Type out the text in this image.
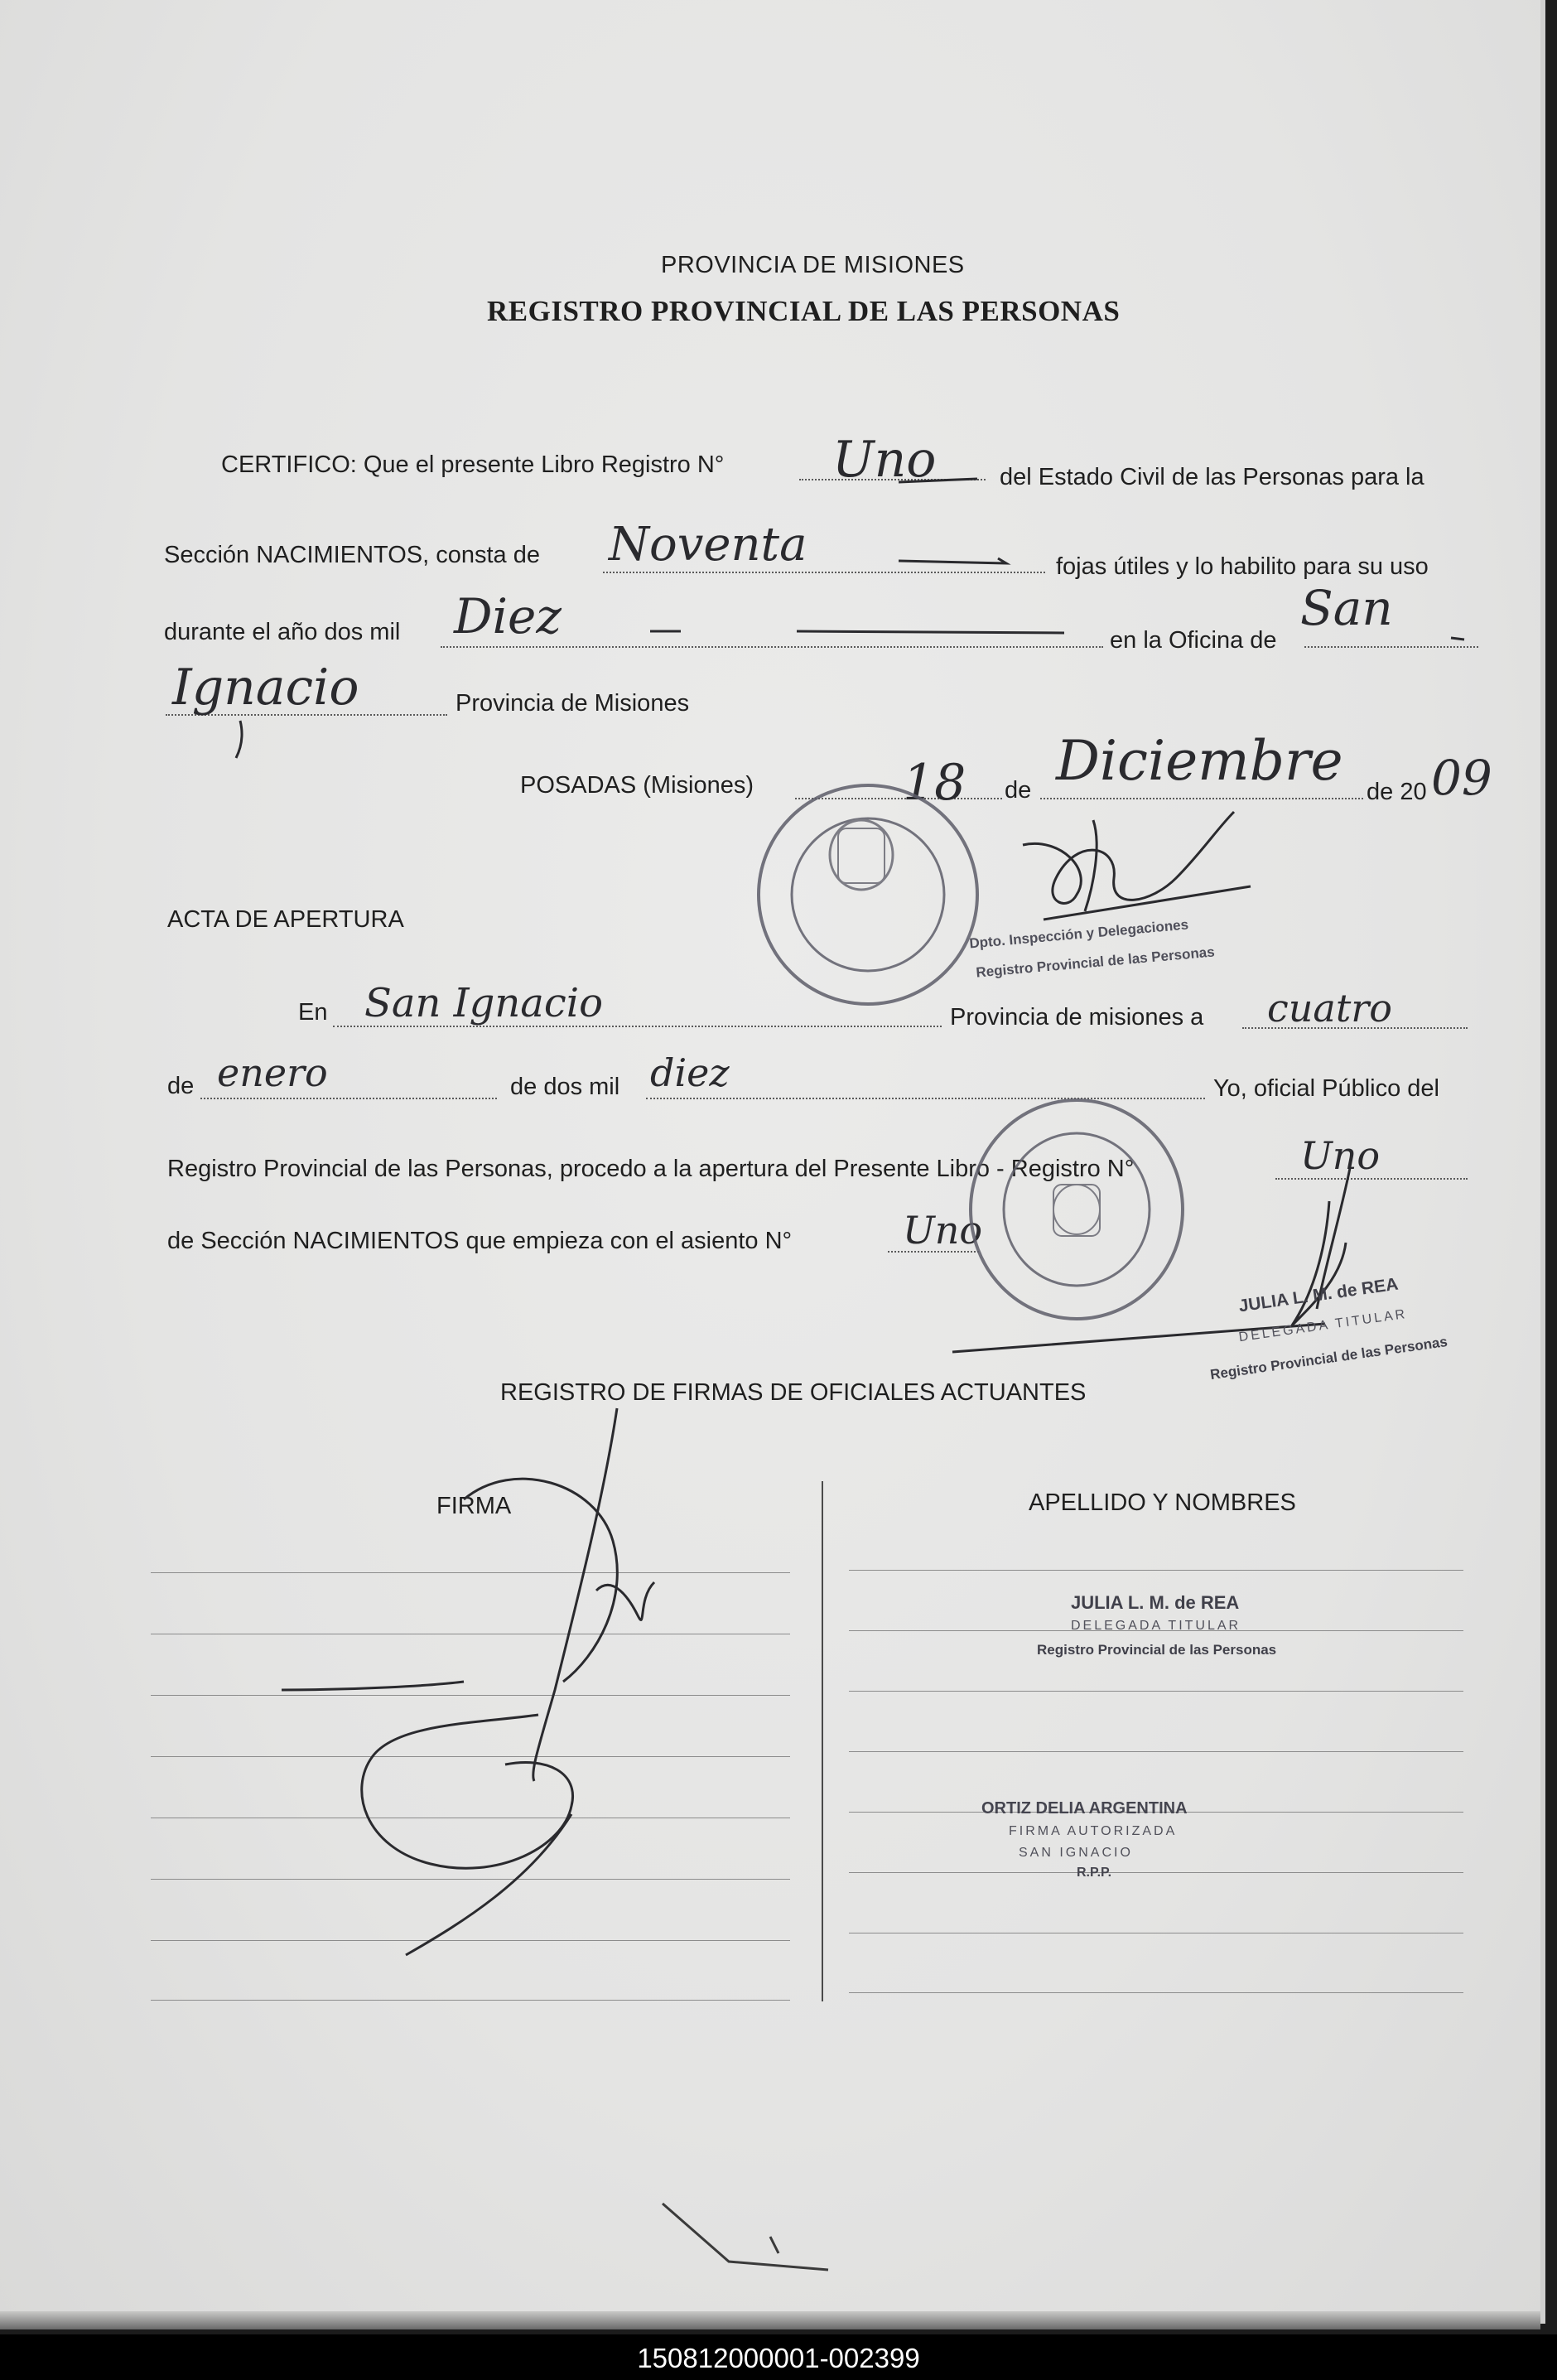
PROVINCIA DE MISIONES
REGISTRO PROVINCIAL DE LAS PERSONAS
CERTIFICO: Que el presente Libro Registro N° Uno	del Estado Civil de las Personas para la
Sección NACIMIENTOS, consta de Noventa	fojas útiles y lo habilito para su uso
durante el año dos mil Diez	en la Oficina de
San
Ignacio	Provincia de Misiones
POSADAS (Misiones)	18 de Diciembre de 20 09
ACTA DE APERTURA
En San Ignacio	Provincia de misiones a cuatro
de enero	de dos mil diez	Yo, oficial Público del
Registro Provincial de las Personas, procedo a la apertura del Presente Libro - Registro N°	Uno
de Sección NACIMIENTOS que empieza con el asiento N°	Uno
REGISTRO DE FIRMAS DE OFICIALES ACTUANTES
FIRMA	APELLIDO Y NOMBRES
Dpto. Inspección y Delegaciones
Registro Provincial de las Personas
JULIA L. M. de REA
DELEGADA TITULAR
Registro Provincial de las Personas
JULIA L. M. de REA
DELEGADA TITULAR
Registro Provincial de las Personas
ORTIZ DELIA ARGENTINA
FIRMA AUTORIZADA
SAN IGNACIO
R.P.P.
150812000001-002399
